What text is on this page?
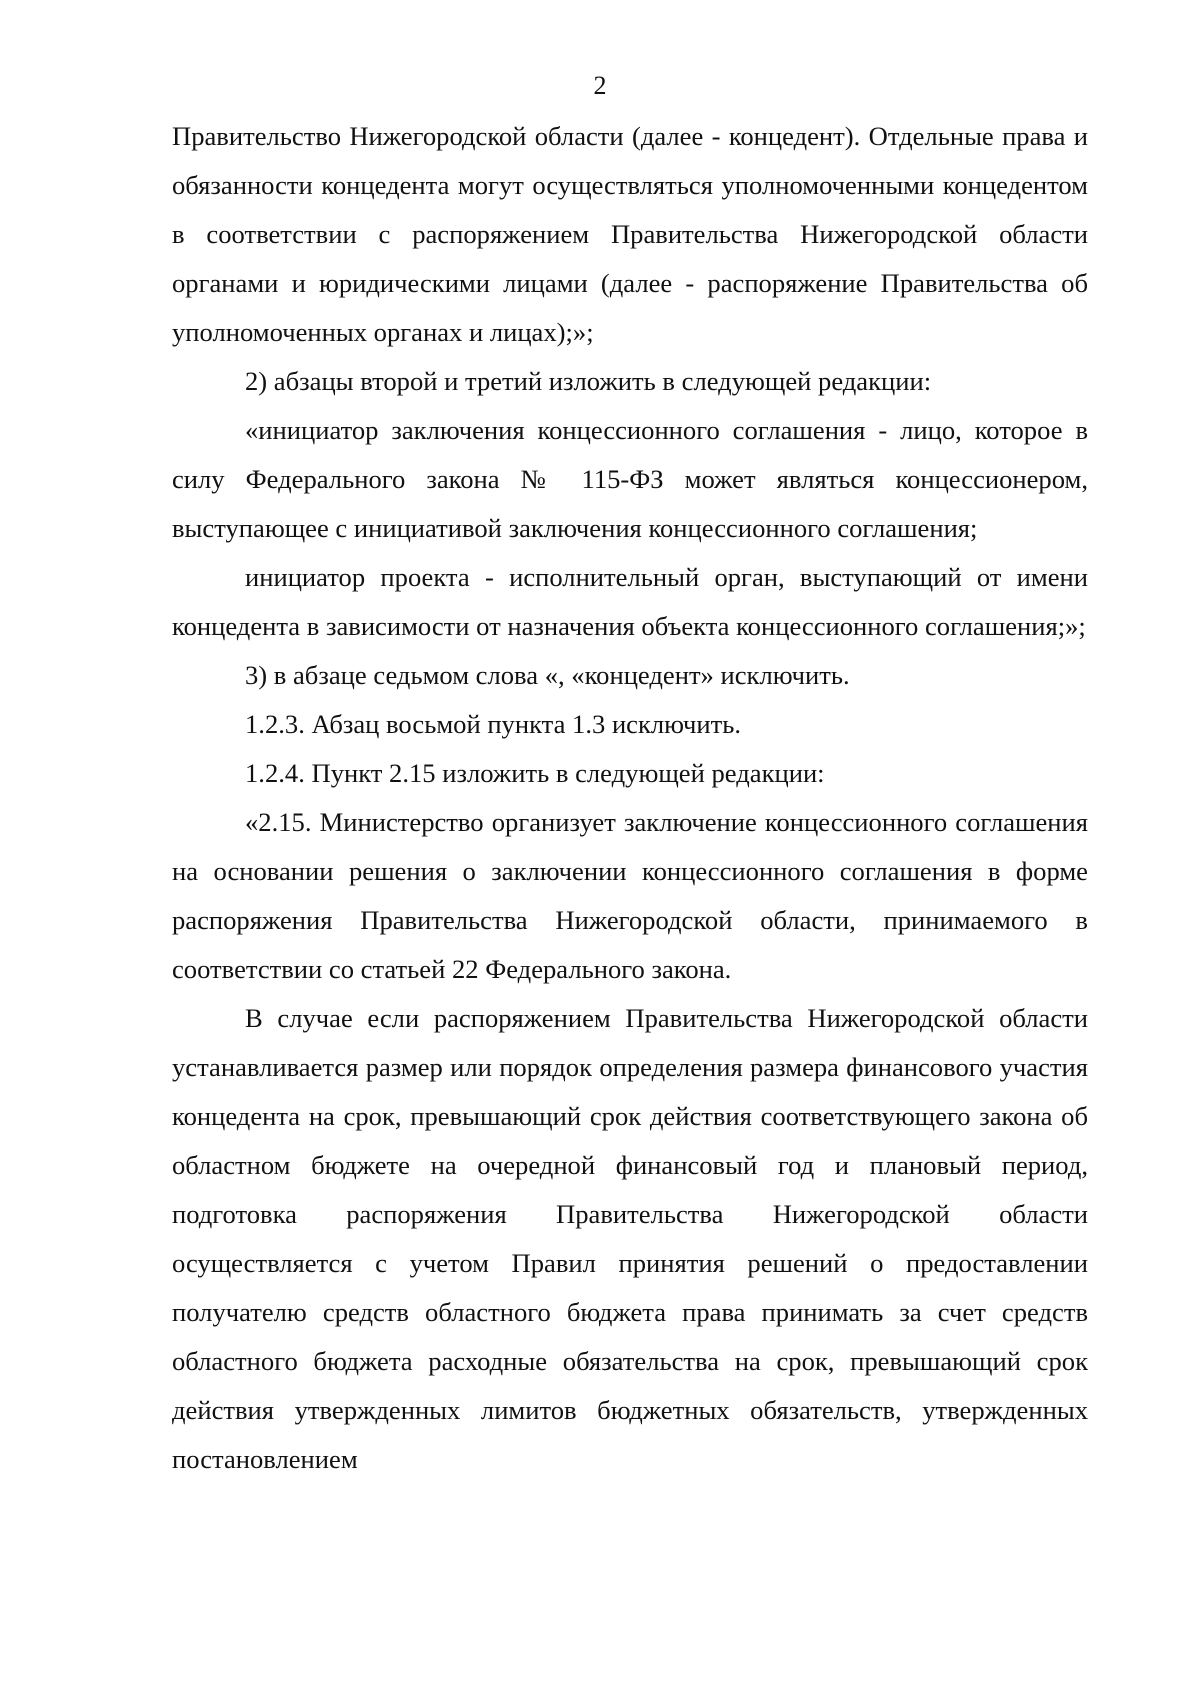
2

Правительство Нижегородской области (далее - концедент). Отдельные права и обязанности концедента могут осуществляться уполномоченными концедентом в соответствии с распоряжением Правительства Нижегородской области органами и юридическими лицами (далее - распоряжение Правительства об уполномоченных органах и лицах);»;

2) абзацы второй и третий изложить в следующей редакции:

«инициатор заключения концессионного соглашения - лицо, которое в силу Федерального закона № 115-ФЗ может являться концессионером, выступающее с инициативой заключения концессионного соглашения;

инициатор проекта - исполнительный орган, выступающий от имени концедента в зависимости от назначения объекта концессионного соглашения;»;

3) в абзаце седьмом слова «, «концедент» исключить.

1.2.3. Абзац восьмой пункта 1.3 исключить.

1.2.4. Пункт 2.15 изложить в следующей редакции:

«2.15. Министерство организует заключение концессионного соглашения на основании решения о заключении концессионного соглашения в форме распоряжения Правительства Нижегородской области, принимаемого в соответствии со статьей 22 Федерального закона.

В случае если распоряжением Правительства Нижегородской области устанавливается размер или порядок определения размера финансового участия концедента на срок, превышающий срок действия соответствующего закона об областном бюджете на очередной финансовый год и плановый период, подготовка распоряжения Правительства Нижегородской области осуществляется с учетом Правил принятия решений о предоставлении получателю средств областного бюджета права принимать за счет средств областного бюджета расходные обязательства на срок, превышающий срок действия утвержденных лимитов бюджетных обязательств, утвержденных постановлением
